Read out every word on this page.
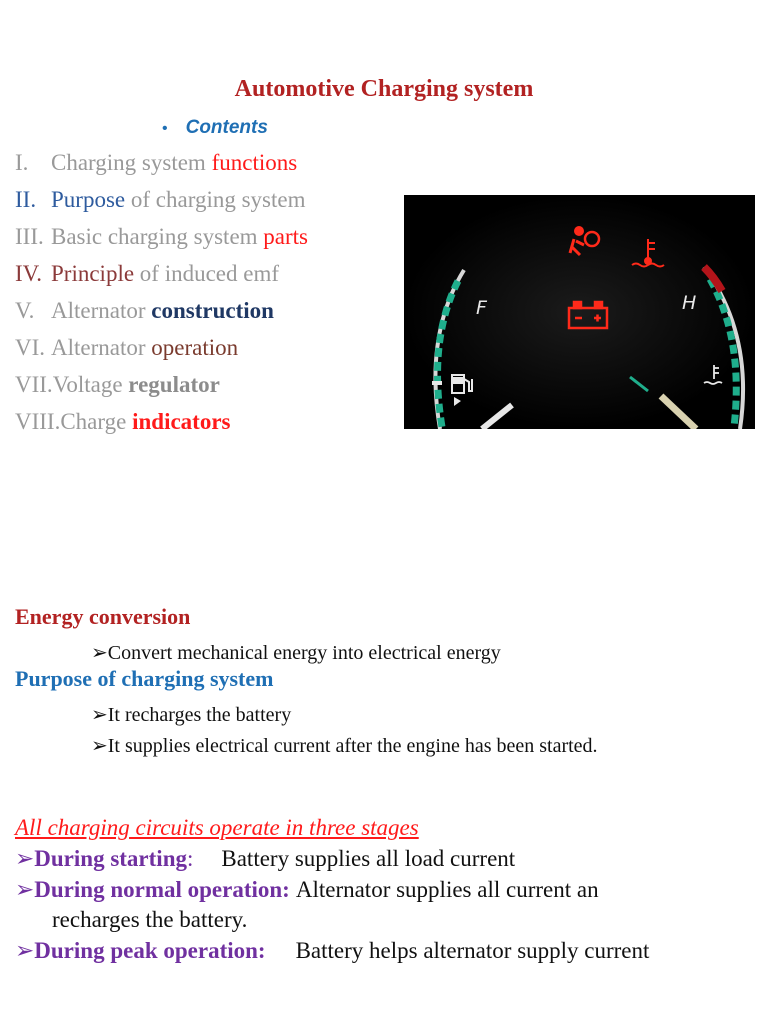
Automotive Charging system
• Contents
I. Charging system functions
II. Purpose of charging system
III. Basic charging system parts
IV. Principle of induced emf
V. Alternator construction
VI. Alternator operation
VII.Voltage regulator
VIII.Charge indicators
F	H
Energy conversion
➢Convert mechanical energy into electrical energy
Purpose of charging system
➢It recharges the battery
➢It supplies electrical current after the engine has been started.
All charging circuits operate in three stages
➢During starting: Battery supplies all load current
➢During normal operation: Alternator supplies all current an
recharges the battery.
➢During peak operation: Battery helps alternator supply current
